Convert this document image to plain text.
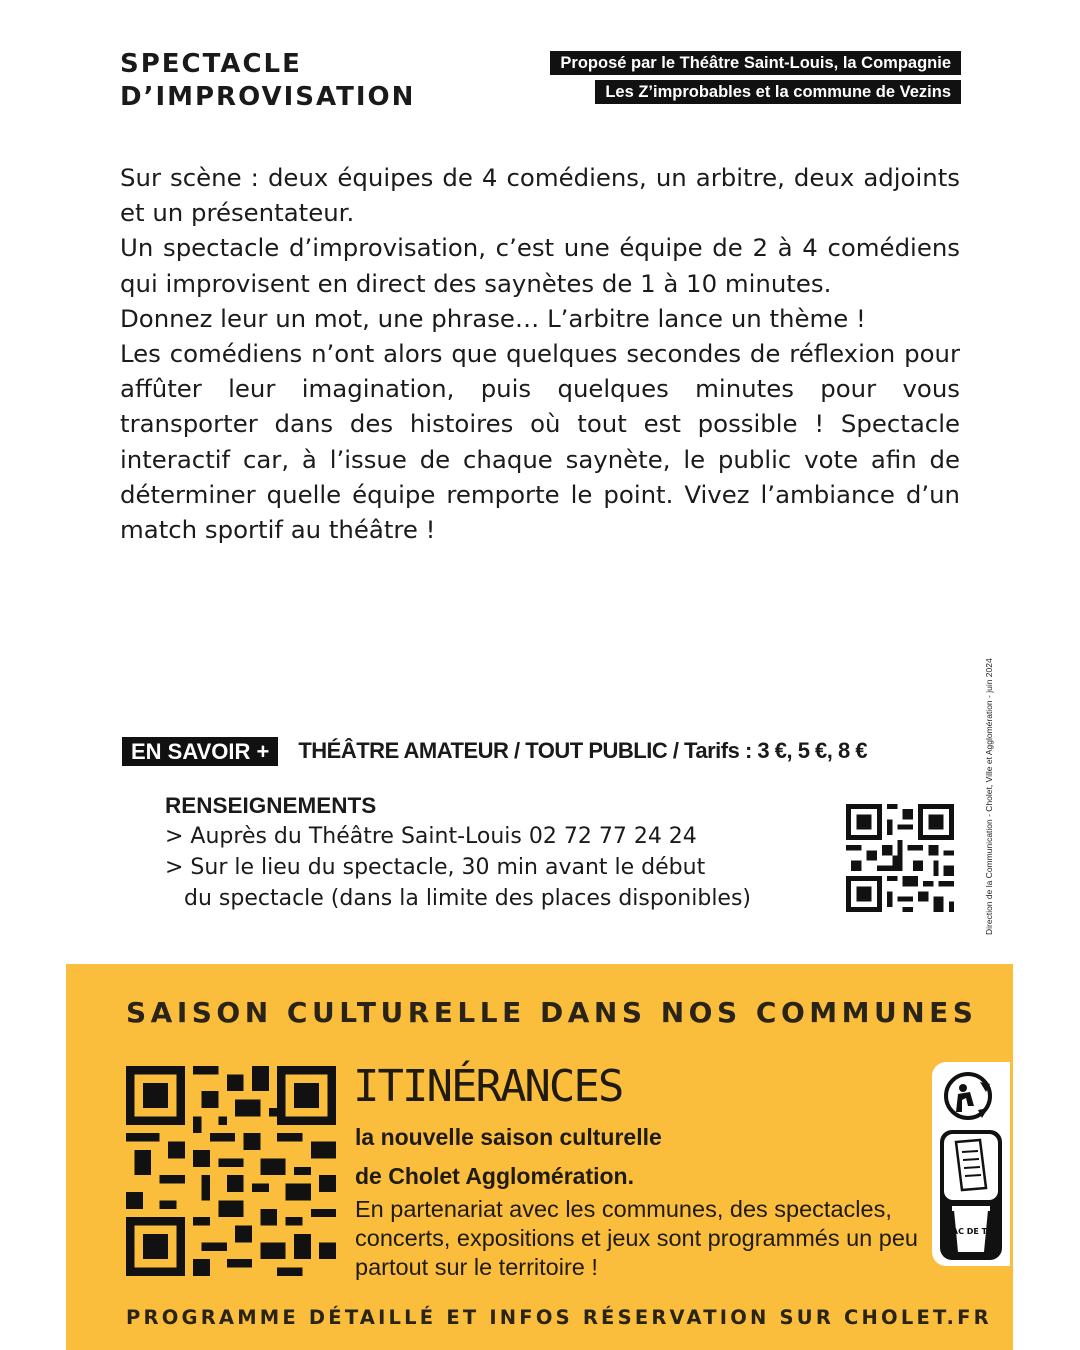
SPECTACLE
D’IMPROVISATION
Proposé par le Théâtre Saint-Louis, la Compagnie
Les Z’improbables et la commune de Vezins

Sur scène : deux équipes de 4 comédiens, un arbitre, deux adjoints et un présentateur.

Un spectacle d’improvisation, c’est une équipe de 2 à 4 comédiens qui improvisent en direct des saynètes de 1 à 10 minutes.

Donnez leur un mot, une phrase… L’arbitre lance un thème !

Les comédiens n’ont alors que quelques secondes de réflexion pour affûter leur imagination, puis quelques minutes pour vous transporter dans des histoires où tout est possible ! Spectacle interactif car, à l’issue de chaque saynète, le public vote afin de déterminer quelle équipe remporte le point. Vivez l’ambiance d’un match sportif au théâtre !

Direction de la Communication - Cholet, Ville et Agglomération - juin 2024
EN SAVOIR +	THÉÂTRE AMATEUR / TOUT PUBLIC / Tarifs : 3 €, 5 €, 8 €
RENSEIGNEMENTS
> Auprès du Théâtre Saint-Louis 02 72 77 24 24
> Sur le lieu du spectacle, 30 min avant le début
du spectacle (dans la limite des places disponibles)
SAISON CULTURELLE DANS NOS COMMUNES
ITINÉRANCES
la nouvelle saison culturelle
de Cholet Agglomération.
En partenariat avec les communes, des spectacles, concerts, expositions et jeux sont programmés un peu partout sur le territoire !
BAC DE TRI
PROGRAMME DÉTAILLÉ ET INFOS RÉSERVATION SUR CHOLET.FR
